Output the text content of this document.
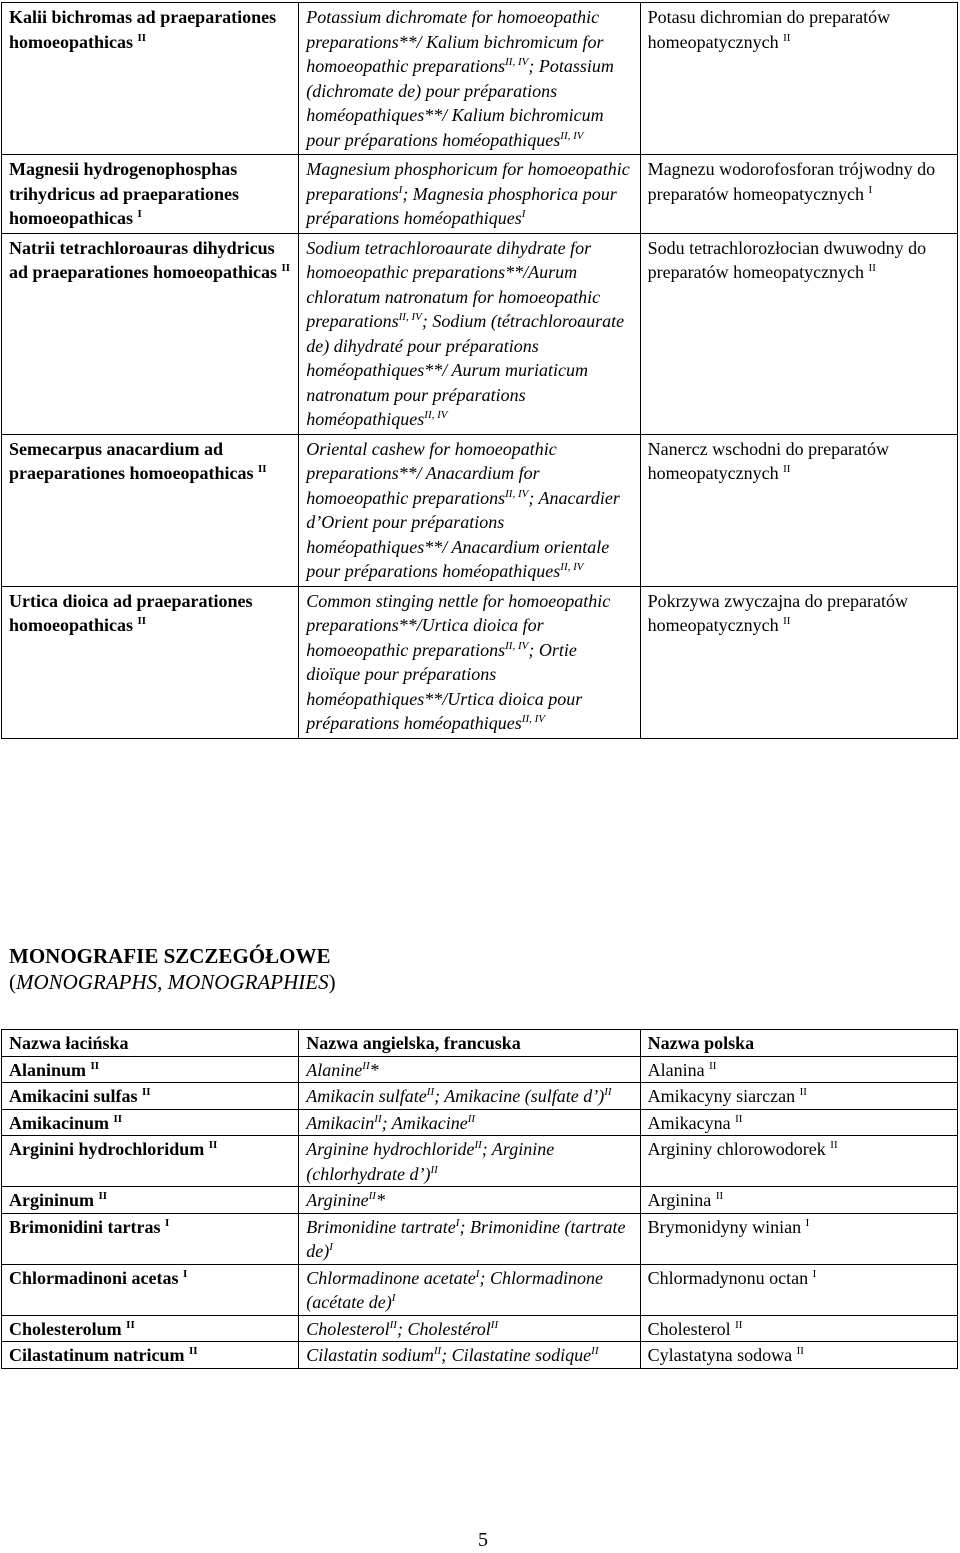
Kalii bichromas ad praeparationes homoeopathicas $^{II}$	Potassium dichromate for homoeopathic preparations**/ Kalium bichromicum for homoeopathic preparations$^{II, IV}$; Potassium (dichromate de) pour préparations homéopathiques**/ Kalium bichromicum pour préparations homéopathiques$^{II, IV}$	Potasu dichromian do preparatów homeopatycznych $^{II}$
Magnesii hydrogenophosphas trihydricus ad praeparationes homoeopathicas $^I$	Magnesium phosphoricum for homoeopathic preparations$^I$; Magnesia phosphorica pour préparations homéopathiques$^I$	Magnezu wodorofosforan trójwodny do preparatów homeopatycznych $^I$
Natrii tetrachloroauras dihydricus ad praeparationes homoeopathicas $^{II}$	Sodium tetrachloroaurate dihydrate for homoeopathic preparations**/Aurum chloratum natronatum for homoeopathic preparations$^{II, IV}$; Sodium (tétrachloroaurate de) dihydraté pour préparations homéopathiques**/ Aurum muriaticum natronatum pour préparations homéopathiques$^{II, IV}$	Sodu tetrachlorozłocian dwuwodny do preparatów homeopatycznych $^{II}$
Semecarpus anacardium ad praeparationes homoeopathicas $^{II}$	Oriental cashew for homoeopathic preparations**/ Anacardium for homoeopathic preparations$^{II, IV}$; Anacardier d’Orient pour préparations homéopathiques**/ Anacardium orientale pour préparations homéopathiques$^{II, IV}$	Nanercz wschodni do preparatów homeopatycznych $^{II}$
Urtica dioica ad praeparationes homoeopathicas $^{II}$	Common stinging nettle for homoeopathic preparations**/Urtica dioica for homoeopathic preparations$^{II, IV}$; Ortie dioïque pour préparations homéopathiques**/Urtica dioica pour préparations homéopathiques$^{II, IV}$	Pokrzywa zwyczajna do preparatów homeopatycznych $^{II}$
MONOGRAFIE SZCZEGÓŁOWE
(MONOGRAPHS, MONOGRAPHIES)
Nazwa łacińska	Nazwa angielska, francuska	Nazwa polska
Alaninum $^{II}$	Alanine$^{II}$*	Alanina $^{II}$
Amikacini sulfas $^{II}$	Amikacin sulfate$^{II}$; Amikacine (sulfate d’)$^{II}$	Amikacyny siarczan $^{II}$
Amikacinum $^{II}$	Amikacin$^{II}$; Amikacine$^{II}$	Amikacyna $^{II}$
Arginini hydrochloridum $^{II}$	Arginine hydrochloride$^{II}$; Arginine (chlorhydrate d’)$^{II}$	Argininy chlorowodorek $^{II}$
Argininum $^{II}$	Arginine$^{II}$*	Arginina $^{II}$
Brimonidini tartras $^I$	Brimonidine tartrate$^I$; Brimonidine (tartrate de)$^I$	Brymonidyny winian $^I$
Chlormadinoni acetas $^I$	Chlormadinone acetate$^I$; Chlormadinone (acétate de)$^I$	Chlormadynonu octan $^I$
Cholesterolum $^{II}$	Cholesterol$^{II}$; Cholestérol$^{II}$	Cholesterol $^{II}$
Cilastatinum natricum $^{II}$	Cilastatin sodium$^{II}$; Cilastatine sodique$^{II}$	Cylastatyna sodowa $^{II}$
5
